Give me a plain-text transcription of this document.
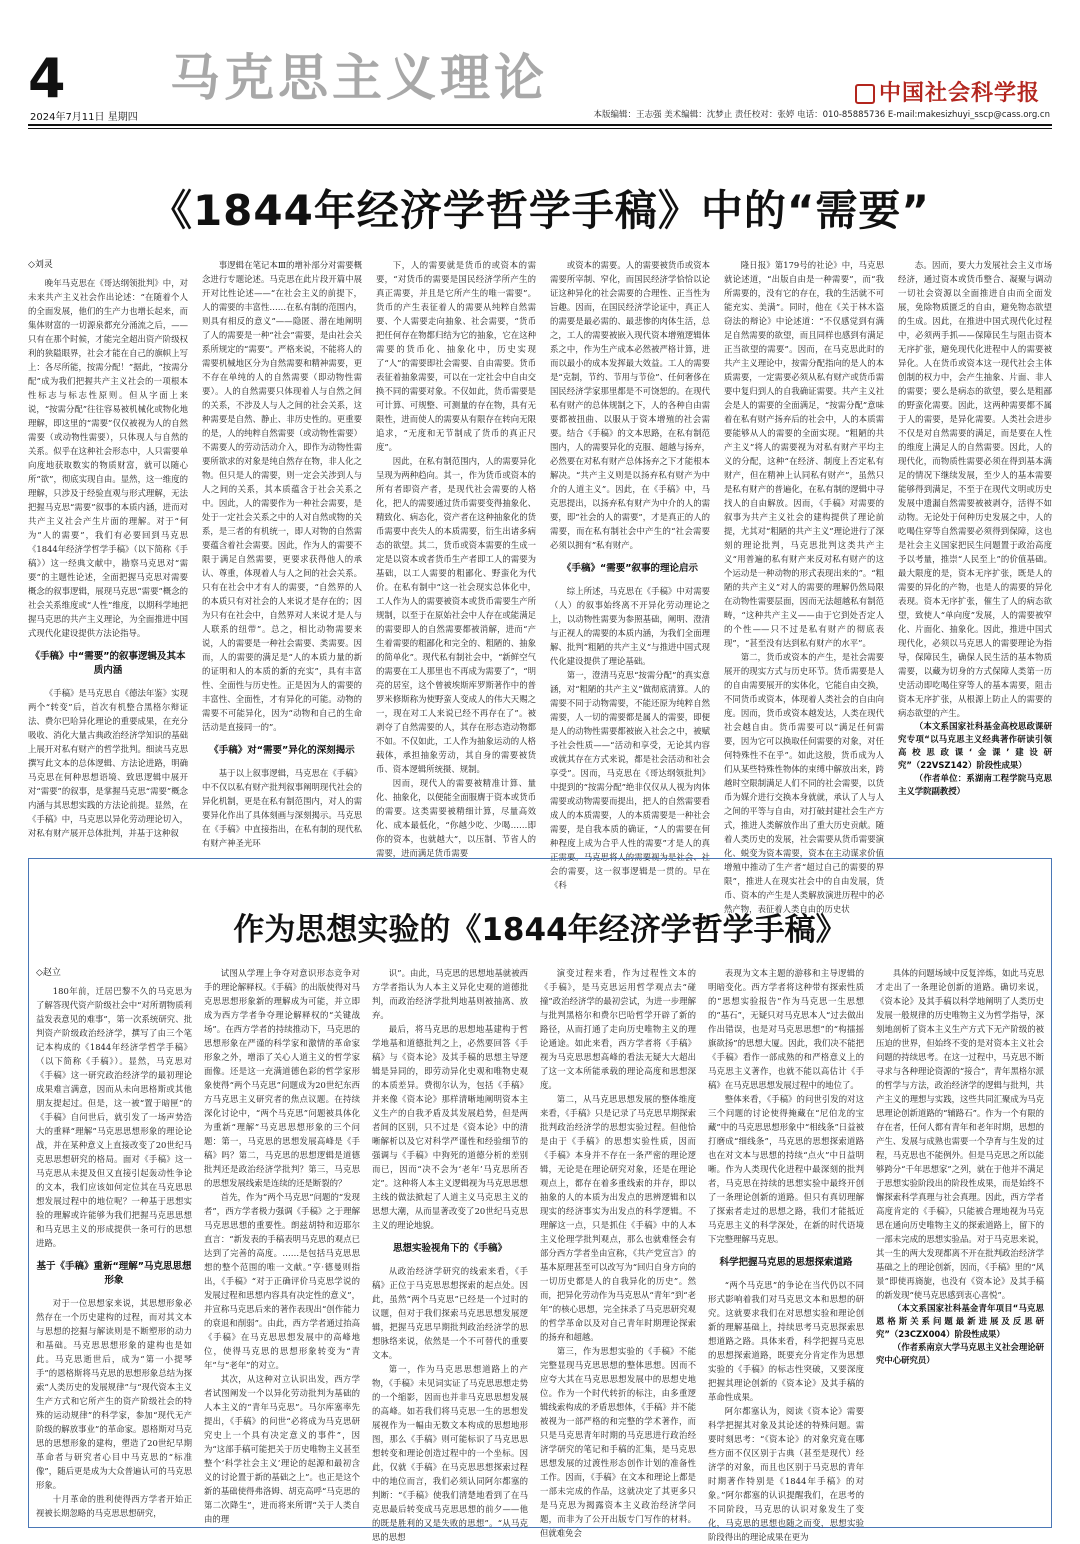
4 马克思主义理论	中国社会科学报
2024年7月11日 星期四	本版编辑：王志强 美术编辑：沈梦止 责任校对：张婷 电话：010-85885736 E-mail:makesizhuyi_sscp@cass.org.cn
《1844年经济学哲学手稿》中的“需要”

◇刘灵

晚年马克思在《哥达纲领批判》中，对未来共产主义社会作出论述：“在随着个人的全面发展，他们的生产力也增长起来，而集体财富的一切源泉都充分涌流之后，——只有在那个时候，才能完全超出资产阶级权利的狭隘眼界，社会才能在自己的旗帜上写上：各尽所能，按需分配！”据此，“按需分配”成为我们把握共产主义社会的一项根本性标志与标志性原则。但从字面上来说，“按需分配”往往容易被机械化或物化地理解，即这里的“需要”仅仅被视为人的自然需要（或动物性需要），只体现人与自然的关系。似乎在这种社会形态中，人只需要单向度地获取数实的物质财富，就可以随心所“欲”，彻底实现自由。显然，这一维度的理解，只涉及于经验直观与形式理解，无法把握马克思“需要”叙事的本质内涵，进而对共产主义社会产生片面的理解。对于“何为”人的需要”，我们有必要回到马克思《1844年经济学哲学手稿》（以下简称《手稿》）这一经典文献中，勘察马克思对“需要”的主题性论述，全面把握马克思对需要概念的叙事逻辑，展现马克思“需要”概念的社会关系维度或“人性”维度，以期科学地把握马克思的共产主义理论，为全面推进中国式现代化建设提供方法论指导。

《手稿》中“需要”的叙事逻辑及其本质内涵

《手稿》是马克思自《德法年鉴》实现两个“转变”后，首次有机整合黑格尔辩证法、费尔巴哈异化理论的重要成果，在充分吸收、消化大量古典政治经济学知识的基础上展开对私有财产的哲学批判。细读马克思撰写此文本的总体逻辑、方法论进路，明确马克思在何种思想语境、致思逻辑中展开对“需要”的叙事，是掌握马克思“需要”概念内涵与其思想实践的方法论前提。显然，在《手稿》中，马克思以异化劳动理论切入，对私有财产展开总体批判，并基于这种叙

事逻辑在笔记本Ⅲ的增补部分对需要概念进行专题论述。马克思在此片段开篇中展开对比性论述——“在社会主义的前提下，人的需要的丰富性……在私有制的范围内，则具有相反的意义”——隐匿、潜在地阐明了人的需要是一种“社会”需要，是由社会关系所规定的“需要”。严格来说，不能将人的需要机械地区分为自然需要和精神需要，更不存在单纯的人的自然需要（即动物性需要）。人的自然需要只体现着人与自然之间的关系，不涉及人与人之间的社会关系，这种需要是自然、静止、非历史性的。更重要的是，人的纯粹自然需要（或动物性需要）不需要人的劳动活动介入，即作为动物性需要所欲求的对象是纯自然存在物，非人化之物。但只是人的需要，则一定会关涉到人与人之间的关系，其本质蕴含于社会关系之中。因此，人的需要作为一种社会需要，是处于一定社会关系之中的人对自然或物的关系，是三者的有机统一，即人对物的自然需要蕴含着社会需要。因此，作为人的需要不限于满足自然需要，更要求获得他人的承认、尊重，体现着人与人之间的社会关系。只有在社会中才有人的需要，“自然界的人的本质只有对社会的人来说才是存在的；因为只有在社会中，自然界对人来说才是人与人联系的纽带”。总之，相比动物需要来说，人的需要是一种社会需要、类需要。因而，人的需要的满足是“人的本质力量的新的证明和人的本质的新的充实”，具有丰富性、全面性与历史性。正是因为人的需要的丰富性、全面性，才有异化的可能。动物的需要不可能异化，因为“动物和自己的生命活动是直接同一的”。

《手稿》对“需要”异化的深刻揭示

基于以上叙事逻辑，马克思在《手稿》中不仅以私有财产批判叙事阐明现代社会的异化机制，更是在私有制范围内，对人的需要异化作出了具体刻画与深刻揭示。马克思在《手稿》中直接指出，在私有制的现代私有财产神圣光环

下，人的需要就是货币的或资本的需要，“对货币的需要是国民经济学所产生的真正需要，并且是它所产生的唯一需要”。货币的产生表征着人的需要从纯粹自然需要、个人需要走向抽象、社会需要，“货币把任何存在物都归结为它的抽象，它在这种需要的货币化、抽象化中，历史实现了“人”的需要即社会需要、自由需要。货币表征着抽象需要，可以在一定社会中自由交换不同的需要对象。不仅如此，货币需要是可计算、可规整、可测量的存在物，具有无限性，进而使人的需要从有限存在转向无限追求，“无度和无节制成了货币的真正尺度”。

因此，在私有制范围内，人的需要异化呈现为两种趋向。其一，作为货币或资本的所有者即资产者，是现代社会需要的人格化，把人的需要通过货币需要变得抽象化、精致化、病态化，资产者在这种抽象化的货币需要中丧失人的本质需要，衍生出诸多病态的欲望。其二，货币或资本需要的生成一定是以资本或者货币生产者即工人的需要为基础，以工人需要的粗鄙化、野蛮化为代价。在私有制中“这一社会现实总体化中，工人作为人的需要被资本或货币需要生产所规制，以至于在原始社会中人存在或能满足的需要即人的自然需要都被消解，进而“产生着需要的粗鄙化和完全的、粗陋的、抽象的简单化”。现代私有制社会中，“新鲜空气的需要在工人那里也不再成为需要了”，“明亮的居室，这个曾被埃斯库罗斯著作中的普罗米修斯称为使野蛮人变成人的伟大天赐之一，现在对工人来说已经不再存在了”。被剥夺了自然需要的人，其存在形态造动物都不如。不仅如此，工人作为抽象运动的人格载体，承担抽象劳动，其自身的需要被货币、资本逻辑所统摄、规制。

因而，现代人的需要被精准计算、量化、抽象化，以便能全面服膺于资本或货币的需要。这类需要被精细计算，尽量高效化、成本最低化，“你越少吃、少喝……即你的资本，也就越大”，以压制、节省人的需要，进而满足货币需要

或资本的需要。人的需要被货币或资本需要所宰制、窄化，而国民经济学恰恰以论证这种异化的社会需要的合理性、正当性为旨趣。因而，在国民经济学论证中，真正人的需要是最必需的、最悲惨的肉体生活，总之，工人的需要被嵌入现代资本增殖逻辑体系之中，作为生产成本必然被严格计算，进而以最小的成本发挥最大效益。工人的需要是“克制，节约、节用与节俭”、任何奢侈在国民经济学家那里都是不可饶恕的。在现代私有财产的总体规制之下，人的各种自由需要都被扭曲、以服从于资本增殖的社会需要。结合《手稿》的文本思路，在私有制范围内，人的需要异化的克服、超越与扬弃，必然要在对私有财产总体扬弃之下才能根本解决。“共产主义则是以扬弃私有财产为中介的人道主义”。因此，在《手稿》中，马克思提出，以扬弃私有财产为中介的人的需要，即“社会的人的需要”，才是真正的人的需要，而在私有制社会中产生的“社会需要必须以拥有”私有财产。

《手稿》“需要”叙事的理论启示

综上所述，马克思在《手稿》中对需要（人）的叙事始终离不开异化劳动理论之上，以动物性需要为参照基础，阐明、澄清与正视人的需要的本质内涵，为我们全面理解、批判“粗陋的共产主义”与推进中国式现代化建设提供了理论基础。

第一，澄清马克思“按需分配”的真实意涵，对“粗陋的共产主义”做彻底清算。人的需要不同于动物需要，不能还原为纯粹自然需要，人一切的需要都是属人的需要，即便是人的动物性需要都被嵌入社会之中，被赋予社会性质——“活动和享受，无论其内容或就其存在方式来说，都是社会活动和社会享受”。因而，马克思在《哥达纲领批判》中提到的“按需分配”绝非仅仅从人视为肉体需要或动物需要而提出，把人的自然需要看成人的本质需要，人的本质需要是一种社会需要，是自我本质的确证，“人的需要在何种程度上成为合乎人性的需要”才是人的真正需要。马克思将人的需要视为是社会、社会的需要，这一叙事逻辑是一贯的。早在《科

隆日报》第179号的社论》中，马克思就论述道，“出版自由是一种需要”，而“我所需要的，没有它的存在，我的生活就不可能充实、美满”。同时，他在《关于林木盗窃法的辩论》中论述道：“不仅感觉到有满足自然需要的欲望，而且同样也感到有满足正当欲望的需要”。因而，在马克思此时的共产主义理论中，按需分配指向的是人的本质需要，一定需要必须从私有财产或货币需要中复归到人的自我确证需要。共产主义社会是人的需要的全面满足，“按需分配”意味着在私有财产扬弃后的社会中，人的本质需要能够从人的需要的全面实现。“粗陋的共产主义”将人的需要视为对私有财产平均主义的分配，这种“在经济、制度上否定私有财产，但在精神上认同私有财产”，虽然只是私有财产的普遍化，在私有制的逻辑中寻找人的自由解放。因而，《手稿》对需要的叙事为共产主义社会的建构提供了理论前提，尤其对“粗陋的共产主义”理论进行了深刻的理论批判，马克思批判这类共产主义“用普遍的私有财产来反对私有财产的这个运动是一种动物的形式表现出来的”。“粗陋的共产主义”对人的需要的理解仍然局限在动物性需要层面，因而无法超越私有制范畴，“这种共产主义——由于它到处否定人的个性——只不过是私有财产的彻底表现”，“甚至没有达到私有财产的水平”。

第二，货币或资本的产生，是社会需要展开的现实方式与历史环节。货币需要是人的自由需要展开的实体化，它能自由交换，不同货币或资本，体现着人类社会的自由向度。因而，货币或资本越发达，人类在现代社会越自由。货币需要可以“满足任何需要，因为它可以换取任何需要的对象，对任何特殊性不在乎”。如此这般，货币成为人们从某些特殊性物体的束缚中解放出来，跨越时空限制满足人们不同的社会需要，以货币为媒介进行交换本身就就，承认了人与人之间的平等与自由，对打破封建社会生产方式，推进人类解放作出了重大历史贡献。随着人类历史的发展，社会需要从货币需要演化、蜕变为资本需要，资本在主动谋求价值增殖中推动了生产者“超过自己的需要的界限”，推进人在现实社会中的自由发展，货币、资本的产生是人类解放演进历程中的必然产物，表征着人类自由的历史状

态。因而，要大力发展社会主义市场经济，通过资本或货币整合、凝聚与调动一切社会资源以全面推进自由而全面发展，免除物质匮乏的自由，避免物态欲望的生成。因此，在推进中国式现代化过程中，必须两手抓——保障民生与阻击资本无序扩张，避免现代化进程中人的需要被异化。人在货币或资本这一现代社会主体创制的权力中，会产生抽象、片面、非人的需要；要么是病态的欲望，要么是粗鄙的野蛮化需要。因此，这两种需要都不属于人的需要，是异化需要。人类社会进步不仅是对自然需要的满足，而是要在人性的维度上满足人的自然需要。因此，人的现代化，而物质性需要必须在得到基本满足的情况下继续发展，至少人的基本需要能够得到满足，不至于在现代文明或历史发展中遗漏自然需要被被剥夺，活得不如动物。无论处于何种历史发展之中，人的吃喝住穿等自然需要必须得到保障，这也是社会主义国家把民生问题置于政治高度予以考量，推崇“人民至上”的价值基础。最大限度的是，资本无序扩张，既是人的需要的异化的产物，也是人的需要的异化表现。资本无序扩张，催生了人的病态欲望，致使人“单向度”发展，人的需要被窄化、片面化、抽象化。因此，推进中国式现代化，必须以马克思人的需要理论为指导，保障民生，确保人民生活的基本物质需要，以藏为切身的方式保障人类第一历史活动即吃喝住穿等人的基本需要，阻击资本无序扩张，从根源上防止人的需要的病态欲望的产生。

（本文系国家社科基金高校思政课研究专项“以马克思主义经典著作研读引领高校思政课‘金课’建设研究”（22VSZ142）阶段性成果）

（作者单位：系湖南工程学院马克思主义学院副教授）

作为思想实验的《1844年经济学哲学手稿》

◇赵立

180年前，迁居巴黎不久的马克思为了解答现代资产阶级社会中“对所谓物质利益发表意见的难事”，第一次系统研究、批判资产阶级政治经济学，撰写了由三个笔记本构成的《1844年经济学哲学手稿》（以下简称《手稿》）。显然，马克思对《手稿》这一研究政治经济学的最初理论成果难言满意，因而从未向思格斯或其他朋友提起过。但是，这一被“置于暗匣”的《手稿》自问世后，就引发了一场声势浩大的重释“理解”马克思思想形象的理论论战，并在某种意义上直接改变了20世纪马克思思想研究的格局。面对《手稿》这一马克思从未提及但又直接引起轰动性争论的文本，我们应该如何定位其在马克思思想发展过程中的地位呢？一种基于思想实验的理解或许能够为我们把握马克思思想和马克思主义的形成提供一条可行的思想进路。

基于《手稿》重新“理解”马克思思想形象

对于一位思想家来说，其思想形象必然存在一个历史建构的过程，而对其文本与思想的挖掘与解读则是不断塑形的动力和基础。马克思思想形象的建构也是如此。马克思逝世后，成为“第一小提琴手”的恩格斯将马克思的思想形象总结为探索“人类历史的发展规律”与“现代资本主义生产方式和它所产生的资产阶级社会的特殊的运动规律”的科学家，参加“现代无产阶级的解放事业”的革命家。恩格斯对马克思的思想形象的建构，塑造了20世纪早期革命者与研究者心目中马克思的“标准像”，随后更是成为大众普遍认可的马克思形象。

十月革命的胜利使得西方学者开始正视被长期忽略的马克思思想研究，

试图从学理上争夺对意识形态竞争对手的理论解释权。《手稿》的出版使得对马克思思想形象新的理解成为可能，并立即成为西方学者争夺理论解释权的“关键战场”。在西方学者的持续推动下，马克思的思想形象在严谨的科学家和激情的革命家形象之外，增添了关心人道主义的哲学家面像。还是这一充满道德色彩的哲学家形象使得“两个马克思”问题成为20世纪东西方马克思主义研究者的焦点议题。在持续深化讨论中，“两个马克思”问题被具体化为重新“理解”马克思思想形象的三个问题：第一，马克思的思想发展高峰是《手稿》吗？第二，马克思的思想逻辑是道德批判还是政治经济学批判？第三，马克思的思想发展线索是连续的还是断裂的？

首先，作为“两个马克思”问题的“发现者”，西方学者极力强调《手稿》之于理解马克思思想的重要性。朗兹胡特和迈耶尔直言：“新发表的手稿表明马克思的观点已达到了完善的高度。……是包括马克思思想的整个范围的唯一文献。”亨·德曼则指出，《手稿》“对于正确评价马克思学说的发展过程和思想内容具有决定性的意义”，并宣称马克思后来的著作表现出“创作能力的衰退和削弱”。由此，西方学者通过抬高《手稿》在马克思思想发展中的高峰地位，使得马克思的思想形象转变为“青年”与“老年”的对立。

其次，从这种对立认识出发，西方学者试图阐发一个以异化劳动批判为基础的人本主义的“青年马克思”。马尔库塞率先提出，《手稿》的问世“必将成为马克思研究史上一个具有决定意义的事件”，因为“这部手稿可能把关于历史唯物主义甚至整个‘科学社会主义’理论的起源和最初含义的讨论置于新的基础之上”。也正是这个新的基础使得弗洛姆、胡克高呼“马克思的第二次降生”，进而将来所谓“关于人类自由的理

识”。由此，马克思的思想地基就被西方学者指认为人本主义异化史观的道德批判，而政治经济学批判地基则被抽离、放弃。

最后，将马克思的思想地基建构于哲学地基和道德批判之上，必然要回答《手稿》与《资本论》及其手稿的思想主导逻辑是异同的，即劳动异化史观和唯物史观的本质差异。费彻尔认为，包括《手稿》并来像《资本论》那样清晰地阐明资本主义生产的自我矛盾及其发展趋势，但是两者间的区别，只不过是《资本论》中的清晰解析以及它对科学严谨性和经验细节的强调与《手稿》中狗死的道德分析的差别而已，因而“决不会为‘老年’马克思所否定”。这种将人本主义逻辑视为马克思思想主线的做法掀起了人道主义马克思主义的思想大潮，从而显著改变了20世纪马克思主义的理论地貌。

思想实验视角下的《手稿》

从政治经济学研究的线索来看，《手稿》正位于马克思思想探索的起点处。因此，虽然“两个马克思”已经是一个过时的议题，但对于我们探索马克思思想发展逻辑，把握马克思早期批判政治经济学的思想脉络来说，依然是一个不可替代的重要文本。

第一，作为马克思思想道路上的产物，《手稿》未见词实证了马克思思想走势的一个缩影，因而也并非马克思思想发展的高峰。如若我们将马克思一生的思想发展视作为一幅由无数文本构成的思想地形图，那么《手稿》则可能标识了马克思思想转变和理论创造过程中的一个坐标。因此，仅就《手稿》在马克思思想探索过程中的地位而言，我们必须认同阿尔都塞的判断：“《手稿》使我们清楚地看到了在马克思最后转变成马克思思想的前夕——他的既是胜利的又是失败的思想”。“从马克思的思想

演变过程来看，作为过程性文本的《手稿》，是马克思运用哲学观点去“碰撞”政治经济学的最初尝试，为进一步理解与批判黑格尔和费尔巴哈哲学开辟了新的路径，从而打通了走向历史唯物主义的理论通途。如此来看，西方学者将《手稿》视为马克思思想高峰的看法无疑大大超出了这一文本所能承载的理论高度和思想深度。

第二，从马克思思想发展的整体维度来看，《手稿》只是记录了马克思早期探索批判政治经济学的思想实验过程。但他恰是由于《手稿》的思想实验性质，因而《手稿》本身并不存在一条严密的理论逻辑，无论是在理论研究对象，还是在理论观点上，都存在着多重线索的并存，即以抽象的人的本质为出发点的思辨逻辑和以现实的经济事实为出发点的科学逻辑。不理解这一点，只是抓住《手稿》中的人本主义伦理学批判观点，那么也就难怪会有部分西方学者坐由宣称，《共产党宣言》的基本原理甚至可以改写为“回归自身方向的一切历史都是人的自我异化的历史”。然而，把异化劳动作为马克思从“青年”到“老年”的核心思想，完全抹杀了马克思研究观的哲学革命以及对自己青年时期理论探索的扬弃和超越。

第三，作为思想实验的《手稿》不能完整显现马克思思想的整体思想。因而不应夸大其在马克思思想发展中的思想史地位。作为一个时代转折的标注，由多重逻辑线索构成的矛盾思想体，《手稿》并不能被视为一部严格的和完整的学术著作，而只是马克思青年时期的马克思进行政治经济学研究的笔记和手稿的汇集，是马克思思想发展的过渡性形态创作计划的准备性工作。因而，《手稿》在文本和理论上都是一部未完成的作品，这就决定了其更多只是马克思为揭露资本主义政治经济学问题，而非为了公开出版专门写作的材料。但就难免会

表现为文本主题的游移和主导逻辑的明暗变化。西方学者将这种带有探索性质的“思想实验报告”作为马克思一生思想的“基石”，无疑只对马克思本人“过去做出作出错误，也是对马克思思想”的“构擂摇旗欲扬”的思想大厦。因此，我们决不能把《手稿》看作一部成熟的和严格意义上的马克思主义著作，也就不能以高估计《手稿》在马克思思想发展过程中的地位了。

整体来看，《手稿》的问世引发的对这三个问题的讨论使得掩藏在“尼伯龙的宝藏”中的马克思思想形象中“相线条”日益被打磨成“细线条”，马克思的思想探索道路也在对文本与思想的持续“点火”中日益明晰。作为人类现代化进程中最深刻的批判者，马克思在持续的思想实验中最终开创了一条理论创新的道路。但只有真切理解了探索者走过的思想之路，我们才能抵近马克思主义的科学深处，在新的时代语境下完整理解马克思。

科学把握马克思的思想探索道路

“两个马克思”的争论在当代仍以不同形式影响着我们对马克思文本和思想的研究。这就要求我们在对思想实验和理论创新的理解基础上，持续思考马克思探索思想道路之路。具体来看，科学把握马克思的思想探索道路，既要充分肯定作为思想实验的《手稿》的标志性突破，又要深度把握其理论创新的《资本论》及其手稿的革命性成果。

阿尔都塞认为，阅读《资本论》需要科学把握其对象及其论述的特殊问题。需要时刻思考：“《资本论》的对象究竟在哪些方面不仅区别于古典（甚至是现代）经济学的对象，而且也区别于马克思的青年时期著作特别是《1844年手稿》的对象。”阿尔都塞的认识提醒我们，在思考的不同阶段，马克思的认识对象发生了变化，马克思的思想也随之而变，思想实验阶段得出的理论成果在更为

具体的问题场域中反复淬炼，如此马克思才走出了一条理论创新的道路。确切来说，《资本论》及其手稿以科学地阐明了人类历史发展一般规律的历史唯物主义为哲学指导，深刻地剖析了资本主义生产方式下无产阶级的被压迫的世界，但始终不变的是对资本主义社会问题的持续思考。在这一过程中，马克思不断寻求与各种理论资源的“接合”，青年黑格尔派的哲学与方法，政治经济学的逻辑与批判，共产主义的理想与实践，这些共同汇聚成为马克思理论创新道路的“辅路石”。作为一个有限的存在者，任何人都有青年和老年时期，思想的产生、发展与成熟也需要一个孕育与生发的过程，马克思也不能例外。但是马克思之所以能够跨分“千年思想家”之列，就在于他并不满足于思想实验阶段出的阶段性成果，而是始终不懈探索科学真理与社会真理。因此，西方学者高度肯定的《手稿》，只能被合理地视为马克思在通向历史唯物主义的探索道路上，留下的一部未完成的思想实验品。对于马克思来说，其一生的两大发现都离不开在批判政治经济学基础之上的理论创新，因而，《手稿》里的“风景”即使再旖旎，也没有《资本论》及其手稿的新发现“使马克思感到衷心喜悦”。

（本文系国家社科基金青年项目“马克思恩格斯关系问题最新进展及反思研究”（23CZX004）阶段性成果）

（作者系南京大学马克思主义社会理论研究中心研究员）
